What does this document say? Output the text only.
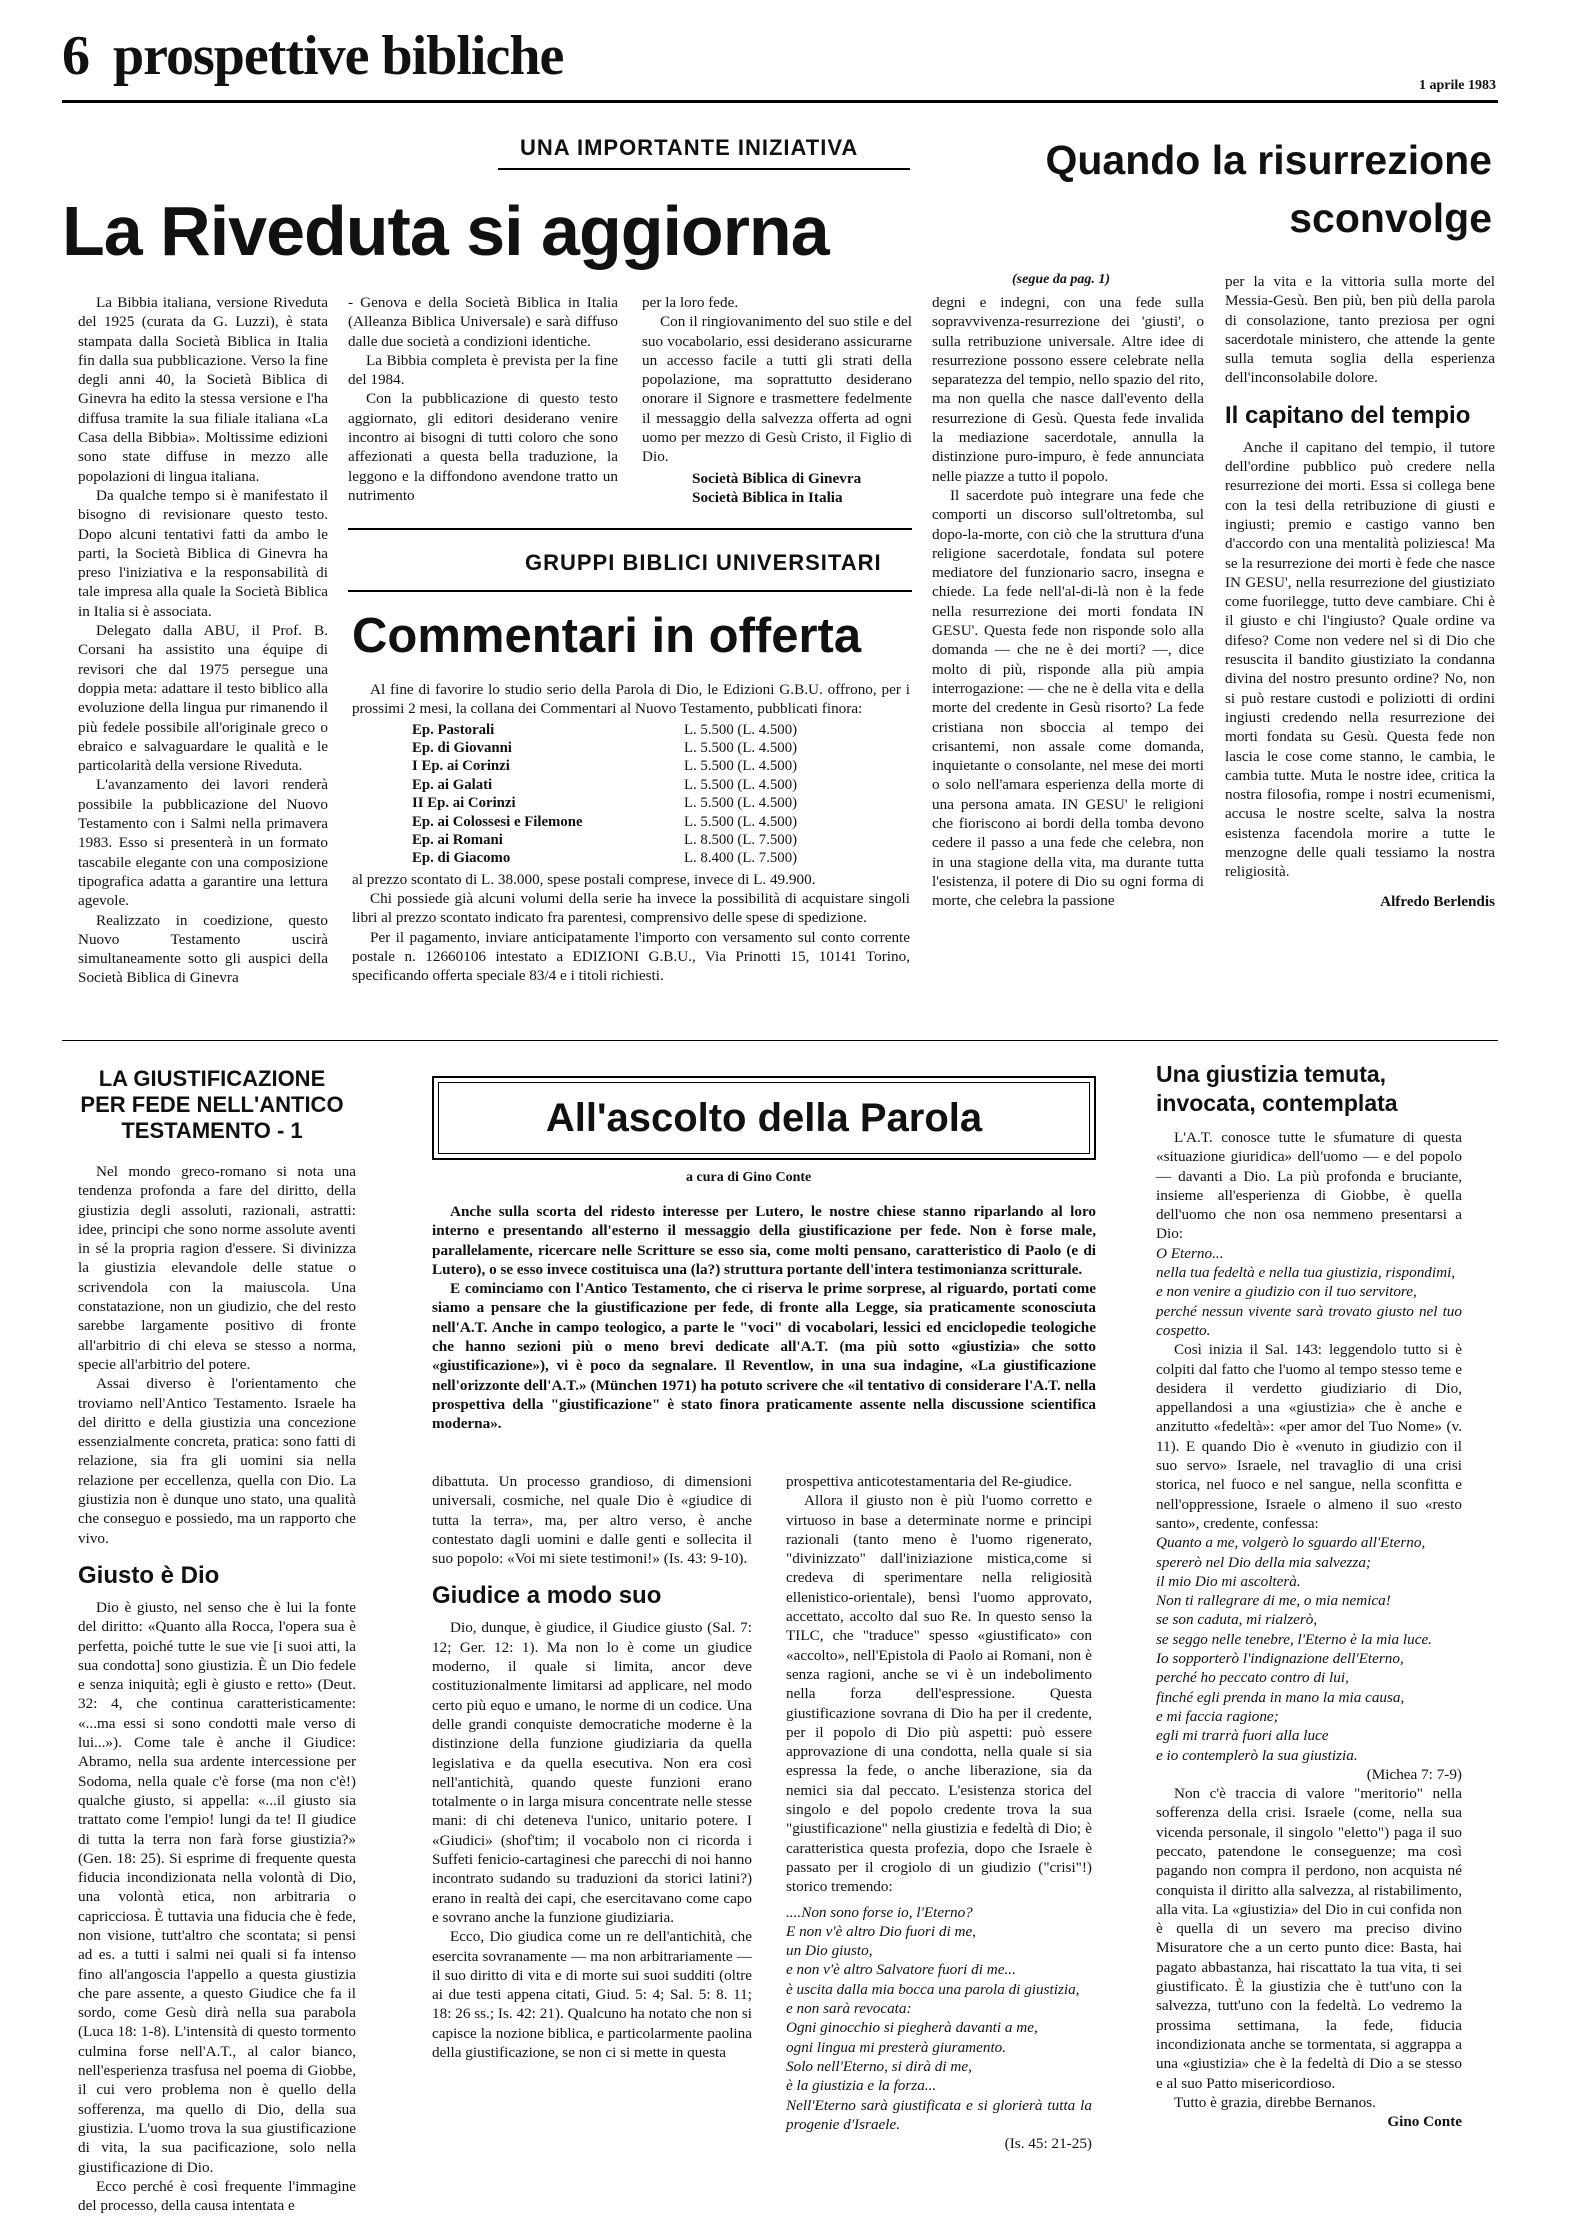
6 prospettive bibliche	1 aprile 1983
UNA IMPORTANTE INIZIATIVA
La Riveduta si aggiorna

La Bibbia italiana, versione Riveduta del 1925 (curata da G. Luzzi), è stata stampata dalla Società Biblica in Italia fin dalla sua pubblicazione. Verso la fine degli anni 40, la Società Biblica di Ginevra ha edito la stessa versione e l'ha diffusa tramite la sua filiale italiana «La Casa della Bibbia». Moltissime edizioni sono state diffuse in mezzo alle popolazioni di lingua italiana.

Da qualche tempo si è manifestato il bisogno di revisionare questo testo. Dopo alcuni tentativi fatti da ambo le parti, la Società Biblica di Ginevra ha preso l'iniziativa e la responsabilità di tale impresa alla quale la Società Biblica in Italia si è associata.

Delegato dalla ABU, il Prof. B. Corsani ha assistito una équipe di revisori che dal 1975 persegue una doppia meta: adattare il testo biblico alla evoluzione della lingua pur rimanendo il più fedele possibile all'originale greco o ebraico e salvaguardare le qualità e le particolarità della versione Riveduta.

L'avanzamento dei lavori renderà possibile la pubblicazione del Nuovo Testamento con i Salmi nella primavera 1983. Esso si presenterà in un formato tascabile elegante con una composizione tipografica adatta a garantire una lettura agevole.

Realizzato in coedizione, questo Nuovo Testamento uscirà simultaneamente sotto gli auspici della Società Biblica di Ginevra

- Genova e della Società Biblica in Italia (Alleanza Biblica Universale) e sarà diffuso dalle due società a condizioni identiche.

La Bibbia completa è prevista per la fine del 1984.

Con la pubblicazione di questo testo aggiornato, gli editori desiderano venire incontro ai bisogni di tutti coloro che sono affezionati a questa bella traduzione, la leggono e la diffondono avendone tratto un nutrimento

per la loro fede.

Con il ringiovanimento del suo stile e del suo vocabolario, essi desiderano assicurarne un accesso facile a tutti gli strati della popolazione, ma soprattutto desiderano onorare il Signore e trasmettere fedelmente il messaggio della salvezza offerta ad ogni uomo per mezzo di Gesù Cristo, il Figlio di Dio.

Società Biblica di Ginevra

Società Biblica in Italia

GRUPPI BIBLICI UNIVERSITARI
Commentari in offerta

Al fine di favorire lo studio serio della Parola di Dio, le Edizioni G.B.U. offrono, per i prossimi 2 mesi, la collana dei Commentari al Nuovo Testamento, pubblicati finora:

Ep. Pastorali	L. 5.500 (L. 4.500)
Ep. di Giovanni	L. 5.500 (L. 4.500)
I Ep. ai Corinzi	L. 5.500 (L. 4.500)
Ep. ai Galati	L. 5.500 (L. 4.500)
II Ep. ai Corinzi	L. 5.500 (L. 4.500)
Ep. ai Colossesi e Filemone	L. 5.500 (L. 4.500)
Ep. ai Romani	L. 8.500 (L. 7.500)
Ep. di Giacomo	L. 8.400 (L. 7.500)

al prezzo scontato di L. 38.000, spese postali comprese, invece di L. 49.900.

Chi possiede già alcuni volumi della serie ha invece la possibilità di acquistare singoli libri al prezzo scontato indicato fra parentesi, comprensivo delle spese di spedizione.

Per il pagamento, inviare anticipatamente l'importo con versamento sul conto corrente postale n. 12660106 intestato a EDIZIONI G.B.U., Via Prinotti 15, 10141 Torino, specificando offerta speciale 83/4 e i titoli richiesti.

Quando la risurrezione
sconvolge
(segue da pag. 1)

degni e indegni, con una fede sulla sopravvivenza-resurrezione dei 'giusti', o sulla retribuzione universale. Altre idee di resurrezione possono essere celebrate nella separatezza del tempio, nello spazio del rito, ma non quella che nasce dall'evento della resurrezione di Gesù. Questa fede invalida la mediazione sacerdotale, annulla la distinzione puro-impuro, è fede annunciata nelle piazze a tutto il popolo.

Il sacerdote può integrare una fede che comporti un discorso sull'oltretomba, sul dopo-la-morte, con ciò che la struttura d'una religione sacerdotale, fondata sul potere mediatore del funzionario sacro, insegna e chiede. La fede nell'al-di-là non è la fede nella resurrezione dei morti fondata IN GESU'. Questa fede non risponde solo alla domanda — che ne è dei morti? —, dice molto di più, risponde alla più ampia interrogazione: — che ne è della vita e della morte del credente in Gesù risorto? La fede cristiana non sboccia al tempo dei crisantemi, non assale come domanda, inquietante o consolante, nel mese dei morti o solo nell'amara esperienza della morte di una persona amata. IN GESU' le religioni che fioriscono ai bordi della tomba devono cedere il passo a una fede che celebra, non in una stagione della vita, ma durante tutta l'esistenza, il potere di Dio su ogni forma di morte, che celebra la passione

per la vita e la vittoria sulla morte del Messia-Gesù. Ben più, ben più della parola di consolazione, tanto preziosa per ogni sacerdotale ministero, che attende la gente sulla temuta soglia della esperienza dell'inconsolabile dolore.

Il capitano del tempio

Anche il capitano del tempio, il tutore dell'ordine pubblico può credere nella resurrezione dei morti. Essa si collega bene con la tesi della retribuzione di giusti e ingiusti; premio e castigo vanno ben d'accordo con una mentalità poliziesca! Ma se la resurrezione dei morti è fede che nasce IN GESU', nella resurrezione del giustiziato come fuorilegge, tutto deve cambiare. Chi è il giusto e chi l'ingiusto? Quale ordine va difeso? Come non vedere nel sì di Dio che resuscita il bandito giustiziato la condanna divina del nostro presunto ordine? No, non si può restare custodi e poliziotti di ordini ingiusti credendo nella resurrezione dei morti fondata su Gesù. Questa fede non lascia le cose come stanno, le cambia, le cambia tutte. Muta le nostre idee, critica la nostra filosofia, rompe i nostri ecumenismi, accusa le nostre scelte, salva la nostra esistenza facendola morire a tutte le menzogne delle quali tessiamo la nostra religiosità.

Alfredo Berlendis

LA GIUSTIFICAZIONE PER FEDE NELL'ANTICO TESTAMENTO - 1

Nel mondo greco-romano si nota una tendenza profonda a fare del diritto, della giustizia degli assoluti, razionali, astratti: idee, principi che sono norme assolute aventi in sé la propria ragion d'essere. Si divinizza la giustizia elevandole delle statue o scrivendola con la maiuscola. Una constatazione, non un giudizio, che del resto sarebbe largamente positivo di fronte all'arbitrio di chi eleva se stesso a norma, specie all'arbitrio del potere.

Assai diverso è l'orientamento che troviamo nell'Antico Testamento. Israele ha del diritto e della giustizia una concezione essenzialmente concreta, pratica: sono fatti di relazione, sia fra gli uomini sia nella relazione per eccellenza, quella con Dio. La giustizia non è dunque uno stato, una qualità che conseguo e possiedo, ma un rapporto che vivo.

Giusto è Dio

Dio è giusto, nel senso che è lui la fonte del diritto: «Quanto alla Rocca, l'opera sua è perfetta, poiché tutte le sue vie [i suoi atti, la sua condotta] sono giustizia. È un Dio fedele e senza iniquità; egli è giusto e retto» (Deut. 32: 4, che continua caratteristicamente: «...ma essi si sono condotti male verso di lui...»). Come tale è anche il Giudice: Abramo, nella sua ardente intercessione per Sodoma, nella quale c'è forse (ma non c'è!) qualche giusto, si appella: «...il giusto sia trattato come l'empio! lungi da te! Il giudice di tutta la terra non farà forse giustizia?» (Gen. 18: 25). Si esprime di frequente questa fiducia incondizionata nella volontà di Dio, una volontà etica, non arbitraria o capricciosa. È tuttavia una fiducia che è fede, non visione, tutt'altro che scontata; si pensi ad es. a tutti i salmi nei quali si fa intenso fino all'angoscia l'appello a questa giustizia che pare assente, a questo Giudice che fa il sordo, come Gesù dirà nella sua parabola (Luca 18: 1-8). L'intensità di questo tormento culmina forse nell'A.T., al calor bianco, nell'esperienza trasfusa nel poema di Giobbe, il cui vero problema non è quello della sofferenza, ma quello di Dio, della sua giustizia. L'uomo trova la sua giustificazione di vita, la sua pacificazione, solo nella giustificazione di Dio.

Ecco perché è così frequente l'immagine del processo, della causa intentata e

All'ascolto della Parola
a cura di Gino Conte

Anche sulla scorta del ridesto interesse per Lutero, le nostre chiese stanno riparlando al loro interno e presentando all'esterno il messaggio della giustificazione per fede. Non è forse male, parallelamente, ricercare nelle Scritture se esso sia, come molti pensano, caratteristico di Paolo (e di Lutero), o se esso invece costituisca una (la?) struttura portante dell'intera testimonianza scritturale.

E cominciamo con l'Antico Testamento, che ci riserva le prime sorprese, al riguardo, portati come siamo a pensare che la giustificazione per fede, di fronte alla Legge, sia praticamente sconosciuta nell'A.T. Anche in campo teologico, a parte le "voci" di vocabolari, lessici ed enciclopedie teologiche che hanno sezioni più o meno brevi dedicate all'A.T. (ma più sotto «giustizia» che sotto «giustificazione»), vi è poco da segnalare. Il Reventlow, in una sua indagine, «La giustificazione nell'orizzonte dell'A.T.» (München 1971) ha potuto scrivere che «il tentativo di considerare l'A.T. nella prospettiva della "giustificazione" è stato finora praticamente assente nella discussione scientifica moderna».

dibattuta. Un processo grandioso, di dimensioni universali, cosmiche, nel quale Dio è «giudice di tutta la terra», ma, per altro verso, è anche contestato dagli uomini e dalle genti e sollecita il suo popolo: «Voi mi siete testimoni!» (Is. 43: 9-10).

Giudice a modo suo

Dio, dunque, è giudice, il Giudice giusto (Sal. 7: 12; Ger. 12: 1). Ma non lo è come un giudice moderno, il quale si limita, ancor deve costituzionalmente limitarsi ad applicare, nel modo certo più equo e umano, le norme di un codice. Una delle grandi conquiste democratiche moderne è la distinzione della funzione giudiziaria da quella legislativa e da quella esecutiva. Non era così nell'antichità, quando queste funzioni erano totalmente o in larga misura concentrate nelle stesse mani: di chi deteneva l'unico, unitario potere. I «Giudici» (shof'tim; il vocabolo non ci ricorda i Suffeti fenicio-cartaginesi che parecchi di noi hanno incontrato sudando su traduzioni da storici latini?) erano in realtà dei capi, che esercitavano come capo e sovrano anche la funzione giudiziaria.

Ecco, Dio giudica come un re dell'antichità, che esercita sovranamente — ma non arbitrariamente — il suo diritto di vita e di morte sui suoi sudditi (oltre ai due testi appena citati, Giud. 5: 4; Sal. 5: 8. 11; 18: 26 ss.; Is. 42: 21). Qualcuno ha notato che non si capisce la nozione biblica, e particolarmente paolina della giustificazione, se non ci si mette in questa

prospettiva anticotestamentaria del Re-giudice.

Allora il giusto non è più l'uomo corretto e virtuoso in base a determinate norme e principi razionali (tanto meno è l'uomo rigenerato, "divinizzato" dall'iniziazione mistica,come si credeva di sperimentare nella religiosità ellenistico-orientale), bensì l'uomo approvato, accettato, accolto dal suo Re. In questo senso la TILC, che "traduce" spesso «giustificato» con «accolto», nell'Epistola di Paolo ai Romani, non è senza ragioni, anche se vi è un indebolimento nella forza dell'espressione. Questa giustificazione sovrana di Dio ha per il credente, per il popolo di Dio più aspetti: può essere approvazione di una condotta, nella quale si sia espressa la fede, o anche liberazione, sia da nemici sia dal peccato. L'esistenza storica del singolo e del popolo credente trova la sua "giustificazione" nella giustizia e fedeltà di Dio; è caratteristica questa profezia, dopo che Israele è passato per il crogiolo di un giudizio ("crisi"!) storico tremendo:

....Non sono forse io, l'Eterno?

E non v'è altro Dio fuori di me,

un Dio giusto,

e non v'è altro Salvatore fuori di me...

è uscita dalla mia bocca una parola di giustizia,

e non sarà revocata:

Ogni ginocchio si piegherà davanti a me,

ogni lingua mi presterà giuramento.

Solo nell'Eterno, si dirà di me,

è la giustizia e la forza...

Nell'Eterno sarà giustificata e si glorierà tutta la progenie d'Israele.

(Is. 45: 21-25)

Una giustizia temuta, invocata, contemplata

L'A.T. conosce tutte le sfumature di questa «situazione giuridica» dell'uomo — e del popolo — davanti a Dio. La più profonda e bruciante, insieme all'esperienza di Giobbe, è quella dell'uomo che non osa nemmeno presentarsi a Dio:

O Eterno...

nella tua fedeltà e nella tua giustizia, rispondimi,

e non venire a giudizio con il tuo servitore,

perché nessun vivente sarà trovato giusto nel tuo cospetto.

Così inizia il Sal. 143: leggendolo tutto si è colpiti dal fatto che l'uomo al tempo stesso teme e desidera il verdetto giudiziario di Dio, appellandosi a una «giustizia» che è anche e anzitutto «fedeltà»: «per amor del Tuo Nome» (v. 11). E quando Dio è «venuto in giudizio con il suo servo» Israele, nel travaglio di una crisi storica, nel fuoco e nel sangue, nella sconfitta e nell'oppressione, Israele o almeno il suo «resto santo», credente, confessa:

Quanto a me, volgerò lo sguardo all'Eterno,

spererò nel Dio della mia salvezza;

il mio Dio mi ascolterà.

Non ti rallegrare di me, o mia nemica!

se son caduta, mi rialzerò,

se seggo nelle tenebre, l'Eterno è la mia luce.

Io sopporterò l'indignazione dell'Eterno,

perché ho peccato contro di lui,

finché egli prenda in mano la mia causa,

e mi faccia ragione;

egli mi trarrà fuori alla luce

e io contemplerò la sua giustizia.

(Michea 7: 7-9)

Non c'è traccia di valore "meritorio" nella sofferenza della crisi. Israele (come, nella sua vicenda personale, il singolo "eletto") paga il suo peccato, patendone le conseguenze; ma così pagando non compra il perdono, non acquista né conquista il diritto alla salvezza, al ristabilimento, alla vita. La «giustizia» del Dio in cui confida non è quella di un severo ma preciso divino Misuratore che a un certo punto dice: Basta, hai pagato abbastanza, hai riscattato la tua vita, ti sei giustificato. È la giustizia che è tutt'uno con la salvezza, tutt'uno con la fedeltà. Lo vedremo la prossima settimana, la fede, fiducia incondizionata anche se tormentata, si aggrappa a una «giustizia» che è la fedeltà di Dio a se stesso e al suo Patto misericordioso.

Tutto è grazia, direbbe Bernanos.

Gino Conte
